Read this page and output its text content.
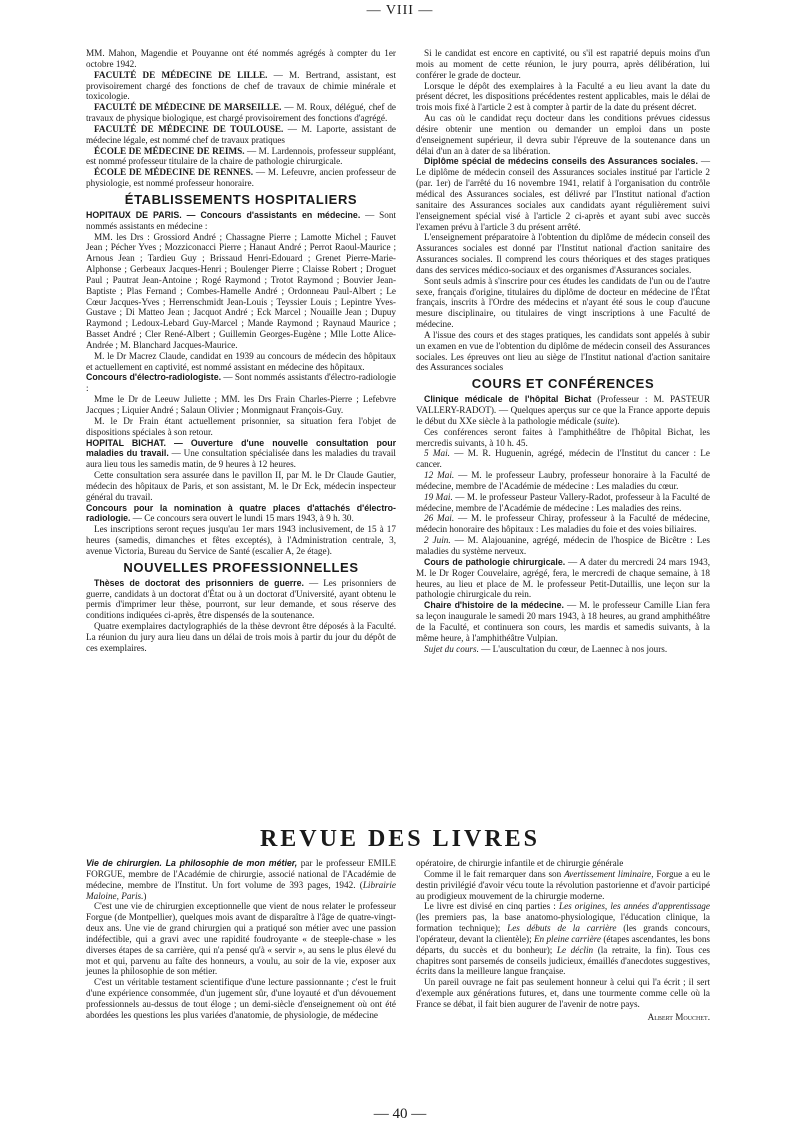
— VIII —

MM. Mahon, Magendie et Pouyanne ont été nommés agrégés à compter du 1er octobre 1942.

FACULTÉ DE MÉDECINE DE LILLE. — M. Bertrand, assistant, est provisoirement chargé des fonctions de chef de travaux de chimie minérale et toxicologie.

FACULTÉ DE MÉDECINE DE MARSEILLE. — M. Roux, délégué, chef de travaux de physique biologique, est chargé provisoirement des fonctions d'agrégé.

FACULTÉ DE MÉDECINE DE TOULOUSE. — M. Laporte, assistant de médecine légale, est nommé chef de travaux pratiques

ÉCOLE DE MÉDECINE DE REIMS. — M. Lardennois, professeur suppléant, est nommé professeur titulaire de la chaire de pathologie chirurgicale.

ÉCOLE DE MÉDECINE DE RENNES. — M. Lefeuvre, ancien professeur de physiologie, est nommé professeur honoraire.

ÉTABLISSEMENTS HOSPITALIERS

HOPITAUX DE PARIS. — Concours d'assistants en médecine. — Sont nommés assistants en médecine :

MM. les Drs : Grossiord André ; Chassagne Pierre ; Lamotte Michel ; Fauvet Jean ; Pécher Yves ; Mozziconacci Pierre ; Hanaut André ; Perrot Raoul-Maurice ; Arnous Jean ; Tardieu Guy ; Brissaud Henri-Edouard ; Grenet Pierre-Marie-Alphonse ; Gerbeaux Jacques-Henri ; Boulenger Pierre ; Claisse Robert ; Droguet Paul ; Pautrat Jean-Antoine ; Rogé Raymond ; Trotot Raymond ; Bouvier Jean-Baptiste ; Plas Fernand ; Combes-Hamelle André ; Ordonneau Paul-Albert ; Le Cœur Jacques-Yves ; Herrenschmidt Jean-Louis ; Teyssier Louis ; Lepintre Yves-Gustave ; Di Matteo Jean ; Jacquot André ; Eck Marcel ; Nouaille Jean ; Dupuy Raymond ; Ledoux-Lebard Guy-Marcel ; Mande Raymond ; Raynaud Maurice ; Basset André ; Cler René-Albert ; Guillemin Georges-Eugène ; Mlle Lotte Alice-Andrée ; M. Blanchard Jacques-Maurice.

M. le Dr Macrez Claude, candidat en 1939 au concours de médecin des hôpitaux et actuellement en captivité, est nommé assistant en médecine des hôpitaux.

Concours d'électro-radiologiste. — Sont nommés assistants d'électro-radiologie :

Mme le Dr de Leeuw Juliette ; MM. les Drs Frain Charles-Pierre ; Lefebvre Jacques ; Liquier André ; Salaun Olivier ; Monmignaut François-Guy.

M. le Dr Frain étant actuellement prisonnier, sa situation fera l'objet de dispositions spéciales à son retour.

HOPITAL BICHAT. — Ouverture d'une nouvelle consultation pour maladies du travail. — Une consultation spécialisée dans les maladies du travail aura lieu tous les samedis matin, de 9 heures à 12 heures.

Cette consultation sera assurée dans le pavillon II, par M. le Dr Claude Gautier, médecin des hôpitaux de Paris, et son assistant, M. le Dr Eck, médecin inspecteur général du travail.

Concours pour la nomination à quatre places d'attachés d'électro-radiologie. — Ce concours sera ouvert le lundi 15 mars 1943, à 9 h. 30.

Les inscriptions seront reçues jusqu'au 1er mars 1943 inclusivement, de 15 à 17 heures (samedis, dimanches et fêtes exceptés), à l'Administration centrale, 3, avenue Victoria, Bureau du Service de Santé (escalier A, 2e étage).

NOUVELLES PROFESSIONNELLES

Thèses de doctorat des prisonniers de guerre. — Les prisonniers de guerre, candidats à un doctorat d'État ou à un doctorat d'Université, ayant obtenu le permis d'imprimer leur thèse, pourront, sur leur demande, et sous réserve des conditions indiquées ci-après, être dispensés de la soutenance.

Quatre exemplaires dactylographiés de la thèse devront être déposés à la Faculté. La réunion du jury aura lieu dans un délai de trois mois à partir du jour du dépôt de ces exemplaires.

Si le candidat est encore en captivité, ou s'il est rapatrié depuis moins d'un mois au moment de cette réunion, le jury pourra, après délibération, lui conférer le grade de docteur.

Lorsque le dépôt des exemplaires à la Faculté a eu lieu avant la date du présent décret, les dispositions précédentes restent applicables, mais le délai de trois mois fixé à l'article 2 est à compter à partir de la date du présent décret.

Au cas où le candidat reçu docteur dans les conditions prévues cidessus désire obtenir une mention ou demander un emploi dans un poste d'enseignement supérieur, il devra subir l'épreuve de la soutenance dans un délai d'un an à dater de sa libération.

Diplôme spécial de médecins conseils des Assurances sociales. — Le diplôme de médecin conseil des Assurances sociales institué par l'article 2 (par. 1er) de l'arrêté du 16 novembre 1941, relatif à l'organisation du contrôle médical des Assurances sociales, est délivré par l'Institut national d'action sanitaire des Assurances sociales aux candidats ayant régulièrement suivi l'enseignement spécial visé à l'article 2 ci-après et ayant subi avec succès l'examen prévu à l'article 3 du présent arrêté.

L'enseignement préparatoire à l'obtention du diplôme de médecin conseil des Assurances sociales est donné par l'Institut national d'action sanitaire des Assurances sociales. Il comprend les cours théoriques et des stages pratiques dans des services médico-sociaux et des organismes d'Assurances sociales.

Sont seuls admis à s'inscrire pour ces études les candidats de l'un ou de l'autre sexe, français d'origine, titulaires du diplôme de docteur en médecine de l'État français, inscrits à l'Ordre des médecins et n'ayant été sous le coup d'aucune mesure disciplinaire, ou titulaires de vingt inscriptions à une Faculté de médecine.

A l'issue des cours et des stages pratiques, les candidats sont appelés à subir un examen en vue de l'obtention du diplôme de médecin conseil des Assurances sociales. Les épreuves ont lieu au siège de l'Institut national d'action sanitaire des Assurances sociales

COURS ET CONFÉRENCES

Clinique médicale de l'hôpital Bichat (Professeur : M. PASTEUR VALLERY-RADOT). — Quelques aperçus sur ce que la France apporte depuis le début du XXe siècle à la pathologie médicale (suite).

Ces conférences seront faites à l'amphithéâtre de l'hôpital Bichat, les mercredis suivants, à 10 h. 45.

5 Mai. — M. R. Huguenin, agrégé, médecin de l'Institut du cancer : Le cancer.

12 Mai. — M. le professeur Laubry, professeur honoraire à la Faculté de médecine, membre de l'Académie de médecine : Les maladies du cœur.

19 Mai. — M. le professeur Pasteur Vallery-Radot, professeur à la Faculté de médecine, membre de l'Académie de médecine : Les maladies des reins.

26 Mai. — M. le professeur Chiray, professeur à la Faculté de médecine, médecin honoraire des hôpitaux : Les maladies du foie et des voies biliaires.

2 Juin. — M. Alajouanine, agrégé, médecin de l'hospice de Bicêtre : Les maladies du système nerveux.

Cours de pathologie chirurgicale. — A dater du mercredi 24 mars 1943, M. le Dr Roger Couvelaire, agrégé, fera, le mercredi de chaque semaine, à 18 heures, au lieu et place de M. le professeur Petit-Dutaillis, une leçon sur la pathologie chirurgicale du rein.

Chaire d'histoire de la médecine. — M. le professeur Camille Lian fera sa leçon inaugurale le samedi 20 mars 1943, à 18 heures, au grand amphithéâtre de la Faculté, et continuera son cours, les mardis et samedis suivants, à la même heure, à l'amphithéâtre Vulpian.

Sujet du cours. — L'auscultation du cœur, de Laennec à nos jours.

REVUE DES LIVRES

Vie de chirurgien. La philosophie de mon métier, par le professeur EMILE FORGUE, membre de l'Académie de chirurgie, associé national de l'Académie de médecine, membre de l'Institut. Un fort volume de 393 pages, 1942. (Librairie Maloine, Paris.)

C'est une vie de chirurgien exceptionnelle que vient de nous relater le professeur Forgue (de Montpellier), quelques mois avant de disparaître à l'âge de quatre-vingt-deux ans. Une vie de grand chirurgien qui a pratiqué son métier avec une passion indéfectible, qui a gravi avec une rapidité foudroyante « de steeple-chase » les diverses étapes de sa carrière, qui n'a pensé qu'à « servir », au sens le plus élevé du mot et qui, parvenu au faîte des honneurs, a voulu, au soir de la vie, exposer aux jeunes la philosophie de son métier.

C'est un véritable testament scientifique d'une lecture passionnante ; c'est le fruit d'une expérience consommée, d'un jugement sûr, d'une loyauté et d'un dévouement professionnels au-dessus de tout éloge ; un demi-siècle d'enseignement où ont été abordées les questions les plus variées d'anatomie, de physiologie, de médecine

opératoire, de chirurgie infantile et de chirurgie générale

Comme il le fait remarquer dans son Avertissement liminaire, Forgue a eu le destin privilégié d'avoir vécu toute la révolution pastorienne et d'avoir participé au prodigieux mouvement de la chirurgie moderne.

Le livre est divisé en cinq parties : Les origines, les années d'apprentissage (les premiers pas, la base anatomo-physiologique, l'éducation clinique, la formation technique); Les débuts de la carrière (les grands concours, l'opérateur, devant la clientèle); En pleine carrière (étapes ascendantes, les bons départs, du succès et du bonheur); Le déclin (la retraite, la fin). Tous ces chapitres sont parsemés de conseils judicieux, émaillés d'anecdotes suggestives, écrits dans la meilleure langue française.

Un pareil ouvrage ne fait pas seulement honneur à celui qui l'a écrit ; il sert d'exemple aux générations futures, et, dans une tourmente comme celle où la France se débat, il fait bien augurer de l'avenir de notre pays.

Albert Mouchet.

— 40 —
